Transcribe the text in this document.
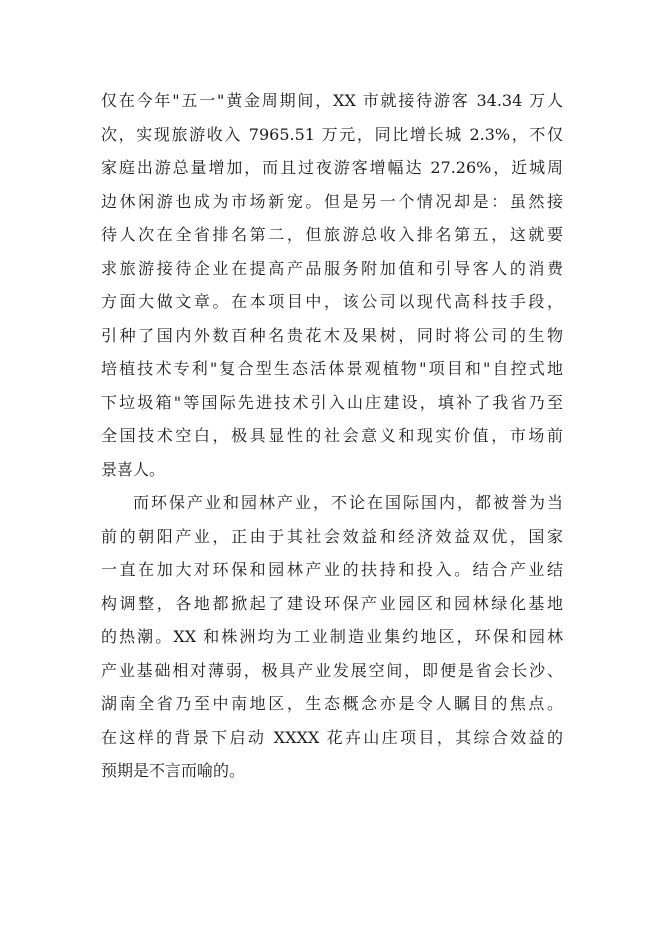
仅在今年"五一"黄金周期间，XX 市就接待游客 34.34 万人
次，实现旅游收入 7965.51 万元，同比增长城 2.3%，不仅
家庭出游总量增加，而且过夜游客增幅达 27.26%，近城周
边休闲游也成为市场新宠。但是另一个情况却是：虽然接
待人次在全省排名第二，但旅游总收入排名第五，这就要
求旅游接待企业在提高产品服务附加值和引导客人的消费
方面大做文章。在本项目中，该公司以现代高科技手段，
引种了国内外数百种名贵花木及果树，同时将公司的生物
培植技术专利"复合型生态活体景观植物"项目和"自控式地
下垃圾箱"等国际先进技术引入山庄建设，填补了我省乃至
全国技术空白，极具显性的社会意义和现实价值，市场前
景喜人。
而环保产业和园林产业，不论在国际国内，都被誉为当
前的朝阳产业，正由于其社会效益和经济效益双优，国家
一直在加大对环保和园林产业的扶持和投入。结合产业结
构调整，各地都掀起了建设环保产业园区和园林绿化基地
的热潮。XX 和株洲均为工业制造业集约地区，环保和园林
产业基础相对薄弱，极具产业发展空间，即便是省会长沙、
湖南全省乃至中南地区，生态概念亦是令人瞩目的焦点。
在这样的背景下启动 XXXX 花卉山庄项目，其综合效益的
预期是不言而喻的。
